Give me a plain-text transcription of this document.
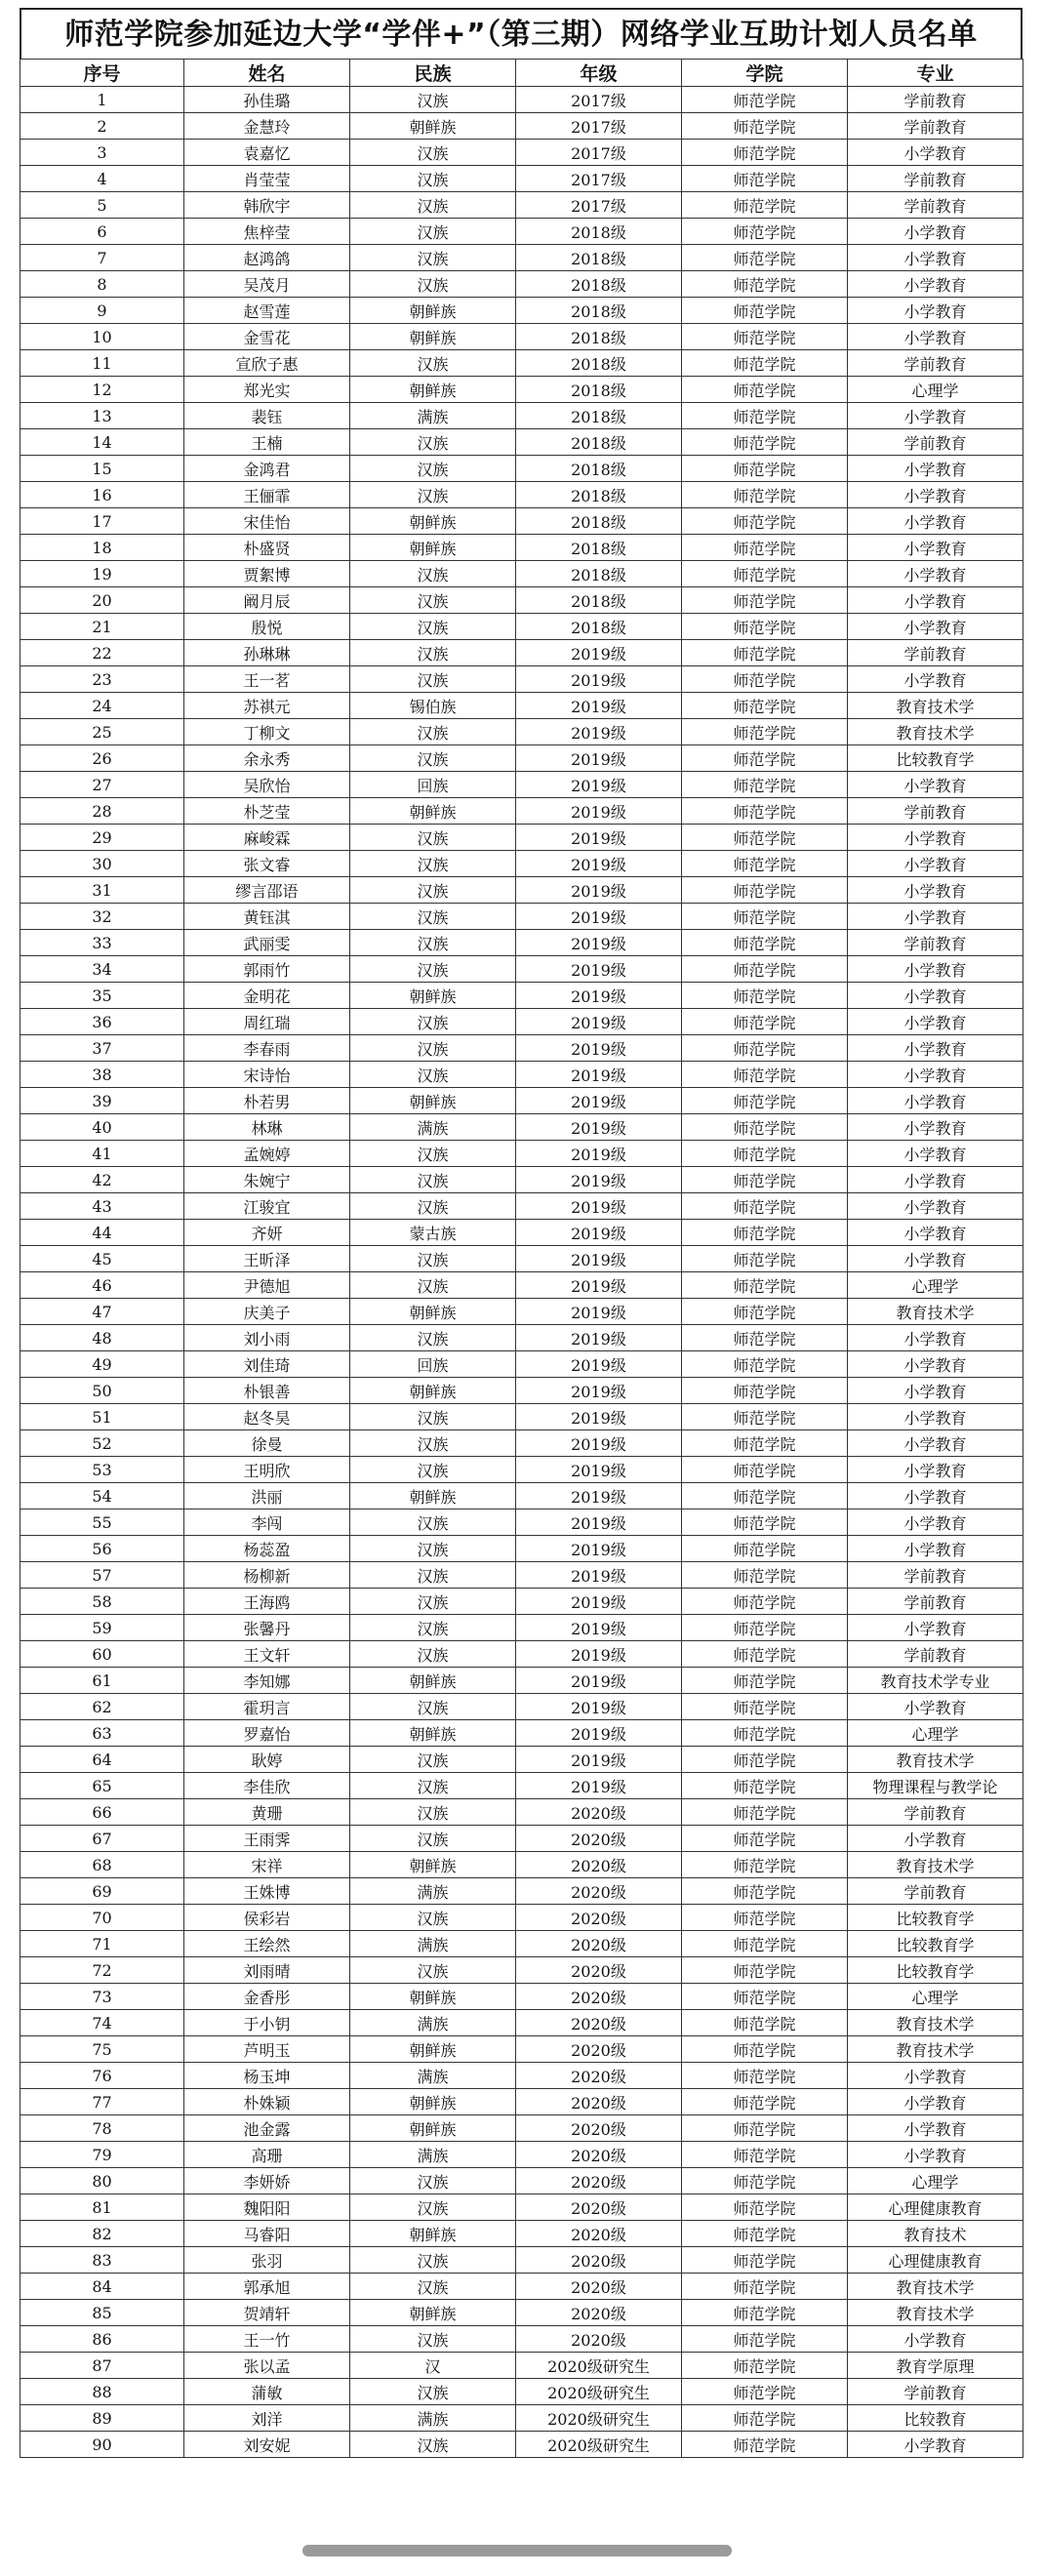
师范学院参加延边大学“学伴+”（第三期）网络学业互助计划人员名单
序号	姓名	民族	年级	学院	专业
1	孙佳璐	汉族	2017级	师范学院	学前教育
2	金慧玲	朝鲜族	2017级	师范学院	学前教育
3	袁嘉忆	汉族	2017级	师范学院	小学教育
4	肖莹莹	汉族	2017级	师范学院	学前教育
5	韩欣宇	汉族	2017级	师范学院	学前教育
6	焦梓莹	汉族	2018级	师范学院	小学教育
7	赵鸿鸽	汉族	2018级	师范学院	小学教育
8	吴茂月	汉族	2018级	师范学院	小学教育
9	赵雪莲	朝鲜族	2018级	师范学院	小学教育
10	金雪花	朝鲜族	2018级	师范学院	小学教育
11	宣欣子惠	汉族	2018级	师范学院	学前教育
12	郑光实	朝鲜族	2018级	师范学院	心理学
13	裴钰	满族	2018级	师范学院	小学教育
14	王楠	汉族	2018级	师范学院	学前教育
15	金鸿君	汉族	2018级	师范学院	小学教育
16	王俪霏	汉族	2018级	师范学院	小学教育
17	宋佳怡	朝鲜族	2018级	师范学院	小学教育
18	朴盛贤	朝鲜族	2018级	师范学院	小学教育
19	贾絮博	汉族	2018级	师范学院	小学教育
20	阚月辰	汉族	2018级	师范学院	小学教育
21	殷悦	汉族	2018级	师范学院	小学教育
22	孙琳琳	汉族	2019级	师范学院	学前教育
23	王一茗	汉族	2019级	师范学院	小学教育
24	苏祺元	锡伯族	2019级	师范学院	教育技术学
25	丁柳文	汉族	2019级	师范学院	教育技术学
26	余永秀	汉族	2019级	师范学院	比较教育学
27	吴欣怡	回族	2019级	师范学院	小学教育
28	朴芝莹	朝鲜族	2019级	师范学院	学前教育
29	麻峻霖	汉族	2019级	师范学院	小学教育
30	张文睿	汉族	2019级	师范学院	小学教育
31	缪言邵语	汉族	2019级	师范学院	小学教育
32	黄钰淇	汉族	2019级	师范学院	小学教育
33	武丽雯	汉族	2019级	师范学院	学前教育
34	郭雨竹	汉族	2019级	师范学院	小学教育
35	金明花	朝鲜族	2019级	师范学院	小学教育
36	周红瑞	汉族	2019级	师范学院	小学教育
37	李春雨	汉族	2019级	师范学院	小学教育
38	宋诗怡	汉族	2019级	师范学院	小学教育
39	朴若男	朝鲜族	2019级	师范学院	小学教育
40	林琳	满族	2019级	师范学院	小学教育
41	孟婉婷	汉族	2019级	师范学院	小学教育
42	朱婉宁	汉族	2019级	师范学院	小学教育
43	江骏宜	汉族	2019级	师范学院	小学教育
44	齐妍	蒙古族	2019级	师范学院	小学教育
45	王昕泽	汉族	2019级	师范学院	小学教育
46	尹德旭	汉族	2019级	师范学院	心理学
47	庆美子	朝鲜族	2019级	师范学院	教育技术学
48	刘小雨	汉族	2019级	师范学院	小学教育
49	刘佳琦	回族	2019级	师范学院	小学教育
50	朴银善	朝鲜族	2019级	师范学院	小学教育
51	赵冬昊	汉族	2019级	师范学院	小学教育
52	徐曼	汉族	2019级	师范学院	小学教育
53	王明欣	汉族	2019级	师范学院	小学教育
54	洪丽	朝鲜族	2019级	师范学院	小学教育
55	李闯	汉族	2019级	师范学院	小学教育
56	杨蕊盈	汉族	2019级	师范学院	小学教育
57	杨柳新	汉族	2019级	师范学院	学前教育
58	王海鸥	汉族	2019级	师范学院	学前教育
59	张馨丹	汉族	2019级	师范学院	小学教育
60	王文轩	汉族	2019级	师范学院	学前教育
61	李知娜	朝鲜族	2019级	师范学院	教育技术学专业
62	霍玥言	汉族	2019级	师范学院	小学教育
63	罗嘉怡	朝鲜族	2019级	师范学院	心理学
64	耿婷	汉族	2019级	师范学院	教育技术学
65	李佳欣	汉族	2019级	师范学院	物理课程与教学论
66	黄珊	汉族	2020级	师范学院	学前教育
67	王雨霁	汉族	2020级	师范学院	小学教育
68	宋祥	朝鲜族	2020级	师范学院	教育技术学
69	王姝博	满族	2020级	师范学院	学前教育
70	侯彩岩	汉族	2020级	师范学院	比较教育学
71	王绘然	满族	2020级	师范学院	比较教育学
72	刘雨晴	汉族	2020级	师范学院	比较教育学
73	金香彤	朝鲜族	2020级	师范学院	心理学
74	于小钥	满族	2020级	师范学院	教育技术学
75	芦明玉	朝鲜族	2020级	师范学院	教育技术学
76	杨玉坤	满族	2020级	师范学院	小学教育
77	朴姝颖	朝鲜族	2020级	师范学院	小学教育
78	池金露	朝鲜族	2020级	师范学院	小学教育
79	高珊	满族	2020级	师范学院	小学教育
80	李妍娇	汉族	2020级	师范学院	心理学
81	魏阳阳	汉族	2020级	师范学院	心理健康教育
82	马睿阳	朝鲜族	2020级	师范学院	教育技术
83	张羽	汉族	2020级	师范学院	心理健康教育
84	郭承旭	汉族	2020级	师范学院	教育技术学
85	贺靖轩	朝鲜族	2020级	师范学院	教育技术学
86	王一竹	汉族	2020级	师范学院	小学教育
87	张以孟	汉	2020级研究生	师范学院	教育学原理
88	蒲敏	汉族	2020级研究生	师范学院	学前教育
89	刘洋	满族	2020级研究生	师范学院	比较教育
90	刘安妮	汉族	2020级研究生	师范学院	小学教育
